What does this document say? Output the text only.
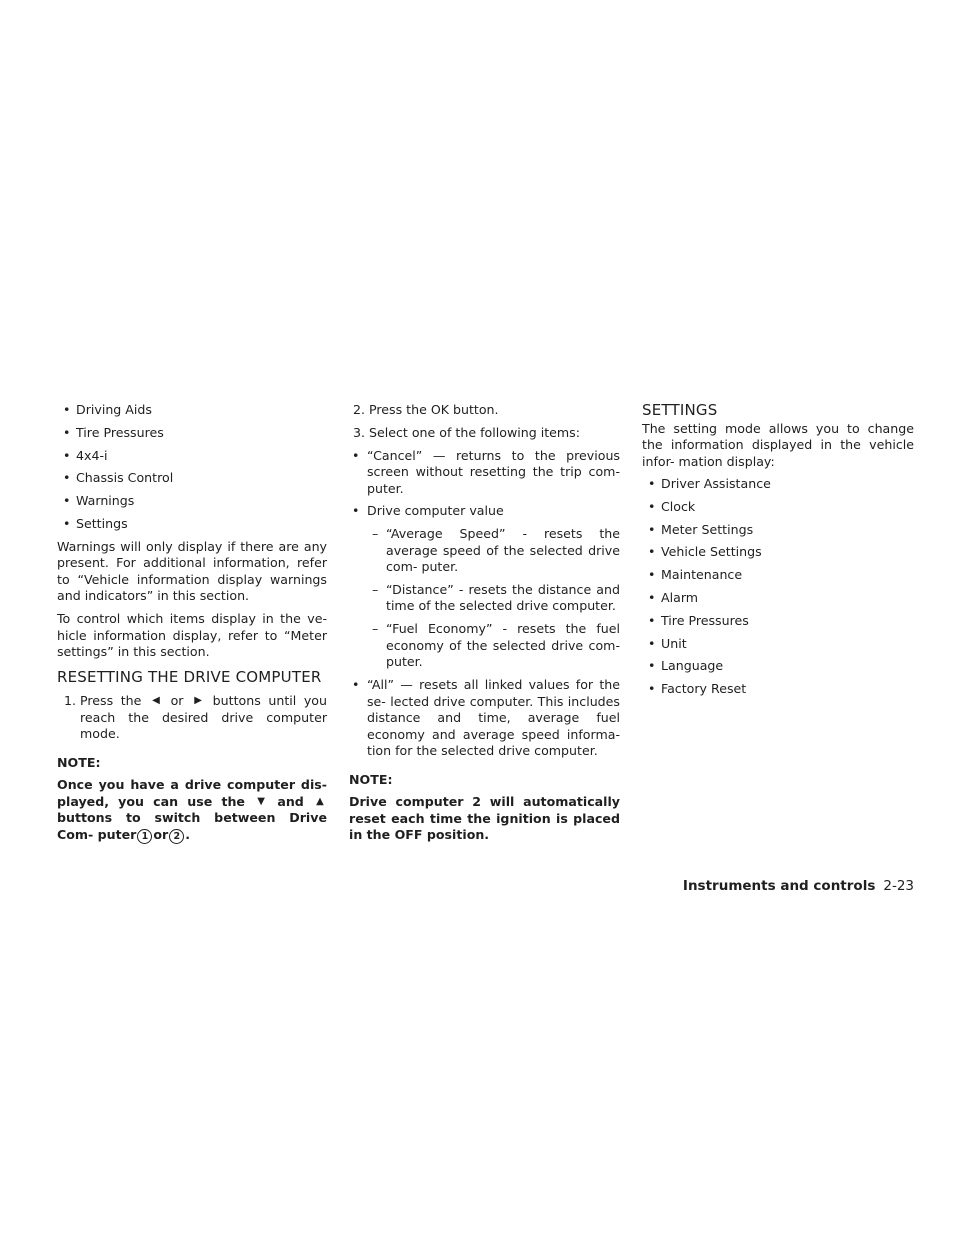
• Driving Aids
• Tire Pressures
• 4x4-i
• Chassis Control
• Warnings
• Settings

Warnings will only display if there are any present. For additional information, refer to “Vehicle information display warnings and indicators” in this section.

To control which items display in the ve- hicle information display, refer to “Meter settings” in this section.

RESETTING THE DRIVE COMPUTER
1. Press the ◀ or ▶ buttons until you reach the desired drive computer mode.
NOTE:

Once you have a drive computer dis- played, you can use the ▼ and ▲ buttons to switch between Drive Com- puter 1 or 2 .

2. Press the OK button.
3. Select one of the following items:
• “Cancel” — returns to the previous screen without resetting the trip com- puter.
• Drive computer value
– “Average Speed” - resets the average speed of the selected drive com- puter.
– “Distance” - resets the distance and time of the selected drive computer.
– “Fuel Economy” - resets the fuel economy of the selected drive com- puter.
• “All” — resets all linked values for the se- lected drive computer. This includes distance and time, average fuel economy and average speed informa- tion for the selected drive computer.
NOTE:

Drive computer 2 will automatically reset each time the ignition is placed in the OFF position.

SETTINGS

The setting mode allows you to change the information displayed in the vehicle infor- mation display:

• Driver Assistance
• Clock
• Meter Settings
• Vehicle Settings
• Maintenance
• Alarm
• Tire Pressures
• Unit
• Language
• Factory Reset
Instruments and controls 2-23
